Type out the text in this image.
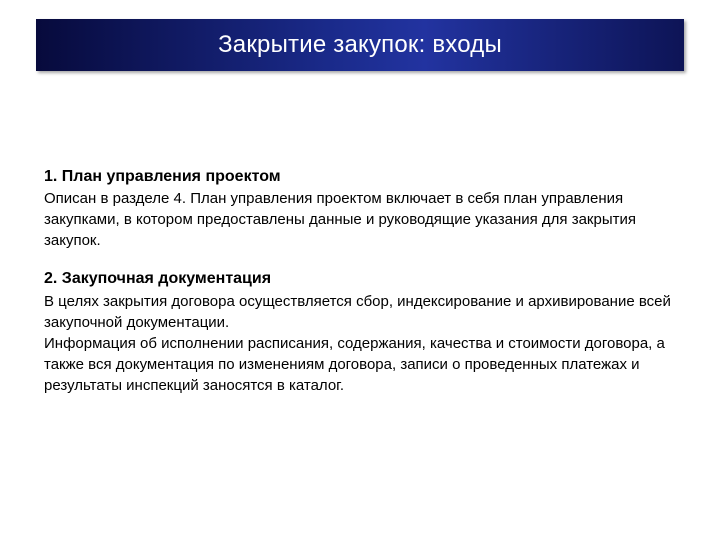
Закрытие закупок: входы

1. План управления проектом

Описан в разделе 4. План управления проектом включает в себя план управления закупками, в котором предоставлены данные и руководящие указания для закрытия закупок.

2. Закупочная документация

В целях закрытия договора осуществляется сбор, индексирование и архивирование всей закупочной документации.

Информация об исполнении расписания, содержания, качества и стоимости договора, а также вся документация по изменениям договора, записи о проведенных платежах и результаты инспекций заносятся в каталог.
